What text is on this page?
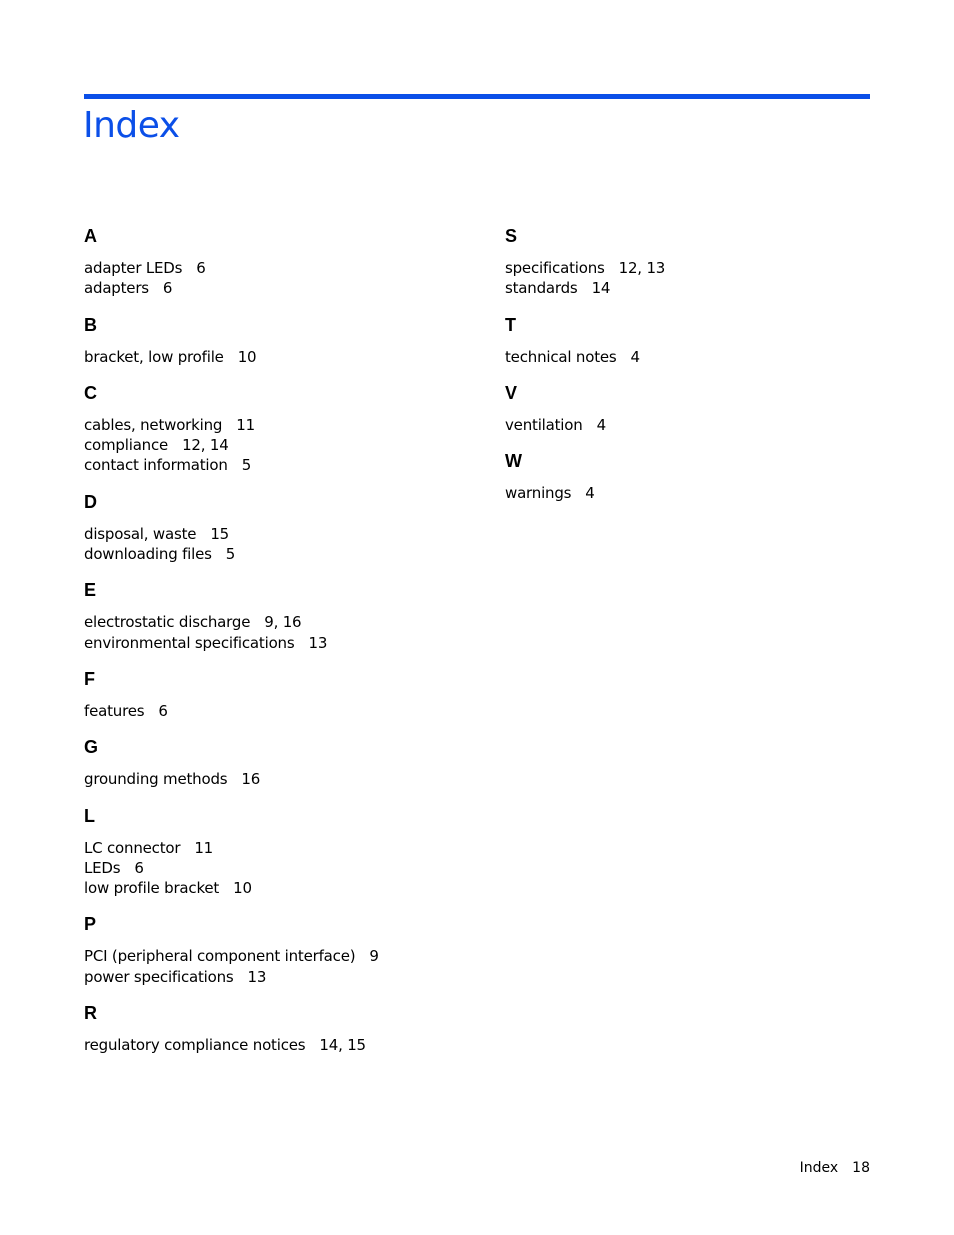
Index
A
adapter LEDs 6
adapters 6
B
bracket, low profile 10
C
cables, networking 11
compliance 12, 14
contact information 5
D
disposal, waste 15
downloading files 5
E
electrostatic discharge 9, 16
environmental specifications 13
F
features 6
G
grounding methods 16
L
LC connector 11
LEDs 6
low profile bracket 10
P
PCI (peripheral component interface) 9
power specifications 13
R
regulatory compliance notices 14, 15
S
specifications 12, 13
standards 14
T
technical notes 4
V
ventilation 4
W
warnings 4
Index 18
